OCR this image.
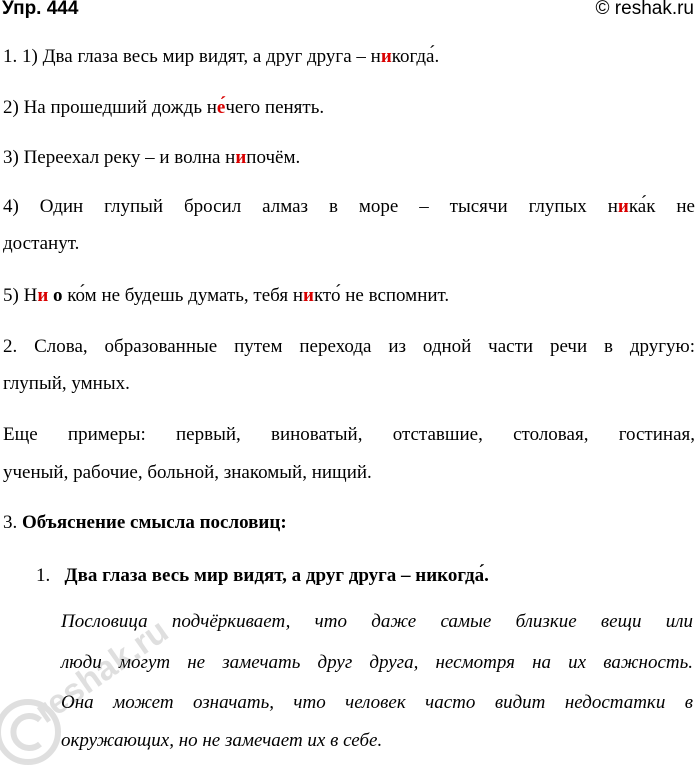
Упр. 444	© reshak.ru
1. 1) Два глаза весь мир видят, а друг друга – никогда́.
2) На прошедший дождь не́чего пенять.
3) Переехал реку – и волна нипочём.
4) Один глупый бросил алмаз в море – тысячи глупых ника́к не
достанут.
5) Ни о ко́м не будешь думать, тебя никто́ не вспомнит.
2. Слова, образованные путем перехода из одной части речи в другую:
глупый, умных.
Еще примеры: первый, виноватый, отставшие, столовая, гостиная,
ученый, рабочие, больной, знакомый, нищий.
3. Объяснение смысла пословиц:
1. Два глаза весь мир видят, а друг друга – никогда́.
Пословица подчёркивает, что даже самые близкие вещи или
люди могут не замечать друг друга, несмотря на их важность.
Она может означать, что человек часто видит недостатки в
окружающих, но не замечает их в себе.
reshak.ru
